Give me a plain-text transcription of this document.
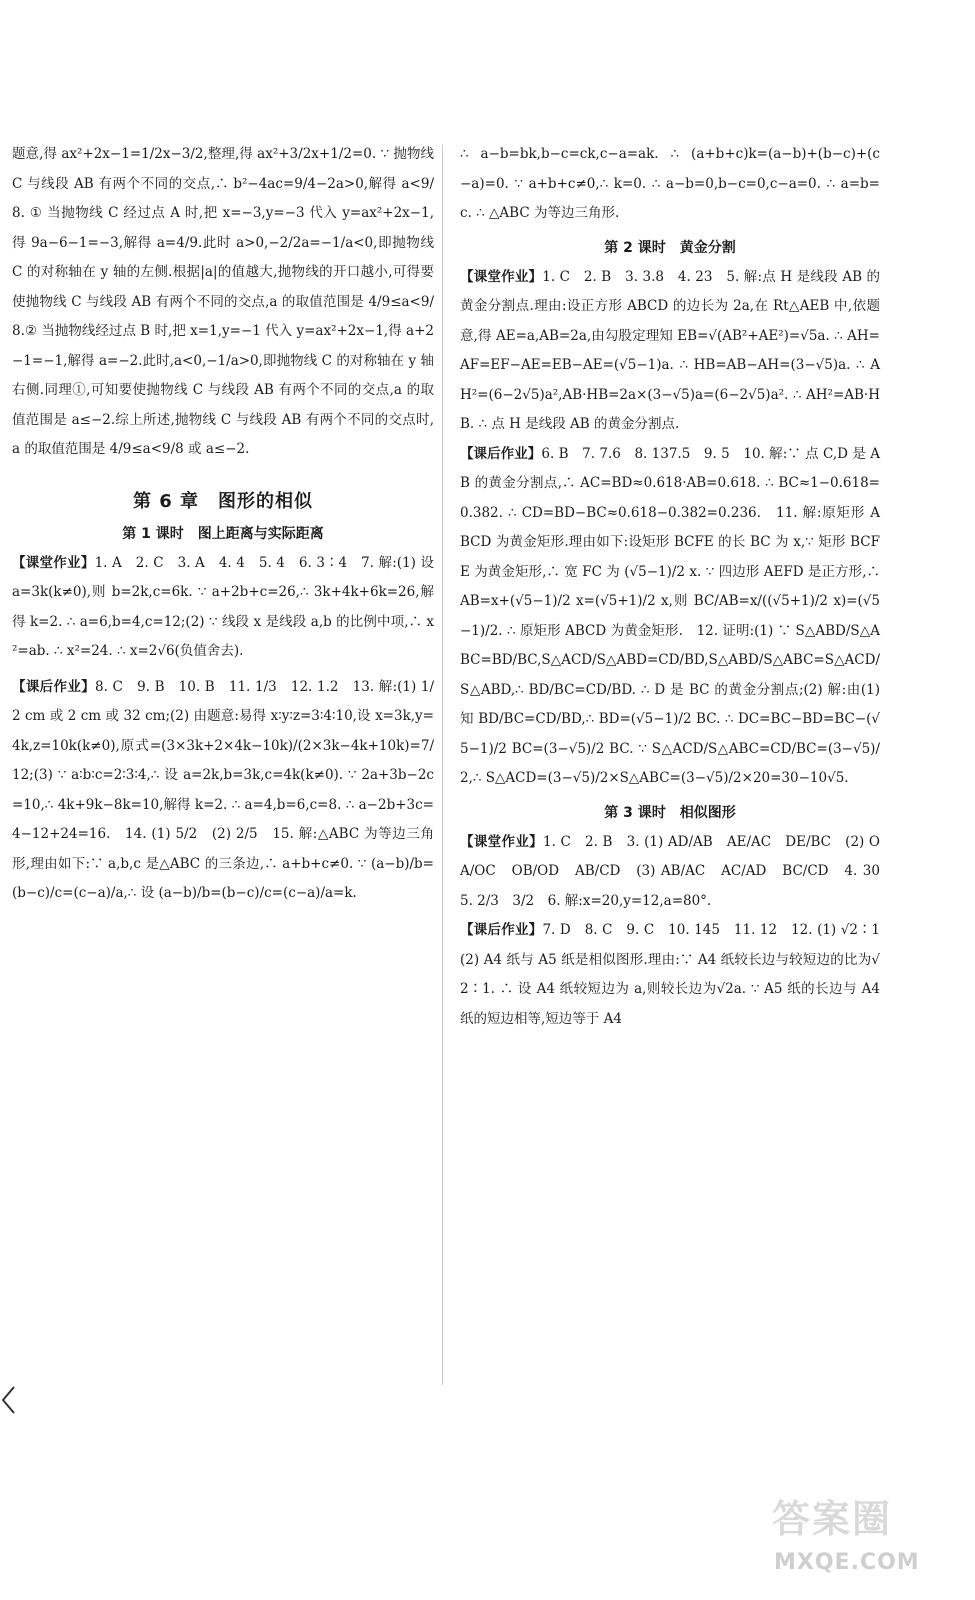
题意,得 ax²+2x−1=1/2x−3/2,整理,得 ax²+3/2x+1/2=0. ∵ 抛物线 C 与线段 AB 有两个不同的交点,∴ b²−4ac=9/4−2a>0,解得 a<9/8. ① 当抛物线 C 经过点 A 时,把 x=−3,y=−3 代入 y=ax²+2x−1,得 9a−6−1=−3,解得 a=4/9.此时 a>0,−2/2a=−1/a<0,即抛物线 C 的对称轴在 y 轴的左侧.根据|a|的值越大,抛物线的开口越小,可得要使抛物线 C 与线段 AB 有两个不同的交点,a 的取值范围是 4/9≤a<9/8.② 当抛物线经过点 B 时,把 x=1,y=−1 代入 y=ax²+2x−1,得 a+2−1=−1,解得 a=−2.此时,a<0,−1/a>0,即抛物线 C 的对称轴在 y 轴右侧.同理①,可知要使抛物线 C 与线段 AB 有两个不同的交点,a 的取值范围是 a≤−2.综上所述,抛物线 C 与线段 AB 有两个不同的交点时,a 的取值范围是 4/9≤a<9/8 或 a≤−2.

第 6 章　图形的相似
第 1 课时　图上距离与实际距离

【课堂作业】1. A　2. C　3. A　4. 4　5. 4　6. 3∶4　7. 解:(1) 设 a=3k(k≠0),则 b=2k,c=6k. ∵ a+2b+c=26,∴ 3k+4k+6k=26,解得 k=2. ∴ a=6,b=4,c=12;(2) ∵ 线段 x 是线段 a,b 的比例中项,∴ x²=ab. ∴ x²=24. ∴ x=2√6(负值舍去).

【课后作业】8. C　9. B　10. B　11. 1/3　12. 1.2　13. 解:(1) 1/2 cm 或 2 cm 或 32 cm;(2) 由题意:易得 x∶y∶z=3∶4∶10,设 x=3k,y=4k,z=10k(k≠0),原式=(3×3k+2×4k−10k)/(2×3k−4k+10k)=7/12;(3) ∵ a∶b∶c=2∶3∶4,∴ 设 a=2k,b=3k,c=4k(k≠0). ∵ 2a+3b−2c=10,∴ 4k+9k−8k=10,解得 k=2. ∴ a=4,b=6,c=8. ∴ a−2b+3c=4−12+24=16.　14. (1) 5/2　(2) 2/5　15. 解:△ABC 为等边三角形,理由如下:∵ a,b,c 是△ABC 的三条边,∴ a+b+c≠0. ∵ (a−b)/b=(b−c)/c=(c−a)/a,∴ 设 (a−b)/b=(b−c)/c=(c−a)/a=k.

∴ a−b=bk,b−c=ck,c−a=ak. ∴ (a+b+c)k=(a−b)+(b−c)+(c−a)=0. ∵ a+b+c≠0,∴ k=0. ∴ a−b=0,b−c=0,c−a=0. ∴ a=b=c. ∴ △ABC 为等边三角形.

第 2 课时　黄金分割

【课堂作业】1. C　2. B　3. 3.8　4. 23　5. 解:点 H 是线段 AB 的黄金分割点.理由:设正方形 ABCD 的边长为 2a,在 Rt△AEB 中,依题意,得 AE=a,AB=2a,由勾股定理知 EB=√(AB²+AE²)=√5a. ∴ AH=AF=EF−AE=EB−AE=(√5−1)a. ∴ HB=AB−AH=(3−√5)a. ∴ AH²=(6−2√5)a²,AB·HB=2a×(3−√5)a=(6−2√5)a². ∴ AH²=AB·HB. ∴ 点 H 是线段 AB 的黄金分割点.

【课后作业】6. B　7. 7.6　8. 137.5　9. 5　10. 解:∵ 点 C,D 是 AB 的黄金分割点,∴ AC=BD≈0.618·AB=0.618. ∴ BC≈1−0.618=0.382. ∴ CD=BD−BC≈0.618−0.382=0.236.　11. 解:原矩形 ABCD 为黄金矩形.理由如下:设矩形 BCFE 的长 BC 为 x,∵ 矩形 BCFE 为黄金矩形,∴ 宽 FC 为 (√5−1)/2 x. ∵ 四边形 AEFD 是正方形,∴ AB=x+(√5−1)/2 x=(√5+1)/2 x,则 BC/AB=x/((√5+1)/2 x)=(√5−1)/2. ∴ 原矩形 ABCD 为黄金矩形.　12. 证明:(1) ∵ S△ABD/S△ABC=BD/BC,S△ACD/S△ABD=CD/BD,S△ABD/S△ABC=S△ACD/S△ABD,∴ BD/BC=CD/BD. ∴ D 是 BC 的黄金分割点;(2) 解:由(1)知 BD/BC=CD/BD,∴ BD=(√5−1)/2 BC. ∴ DC=BC−BD=BC−(√5−1)/2 BC=(3−√5)/2 BC. ∵ S△ACD/S△ABC=CD/BC=(3−√5)/2,∴ S△ACD=(3−√5)/2×S△ABC=(3−√5)/2×20=30−10√5.

第 3 课时　相似图形

【课堂作业】1. C　2. B　3. (1) AD/AB　AE/AC　DE/BC　(2) OA/OC　OB/OD　AB/CD　(3) AB/AC　AC/AD　BC/CD　4. 30　5. 2/3　3/2　6. 解:x=20,y=12,a=80°.

【课后作业】7. D　8. C　9. C　10. 145　11. 12　12. (1) √2∶1　(2) A4 纸与 A5 纸是相似图形.理由:∵ A4 纸较长边与较短边的比为√2∶1. ∴ 设 A4 纸较短边为 a,则较长边为√2a. ∵ A5 纸的长边与 A4 纸的短边相等,短边等于 A4

答案圈
MXQE.COM
